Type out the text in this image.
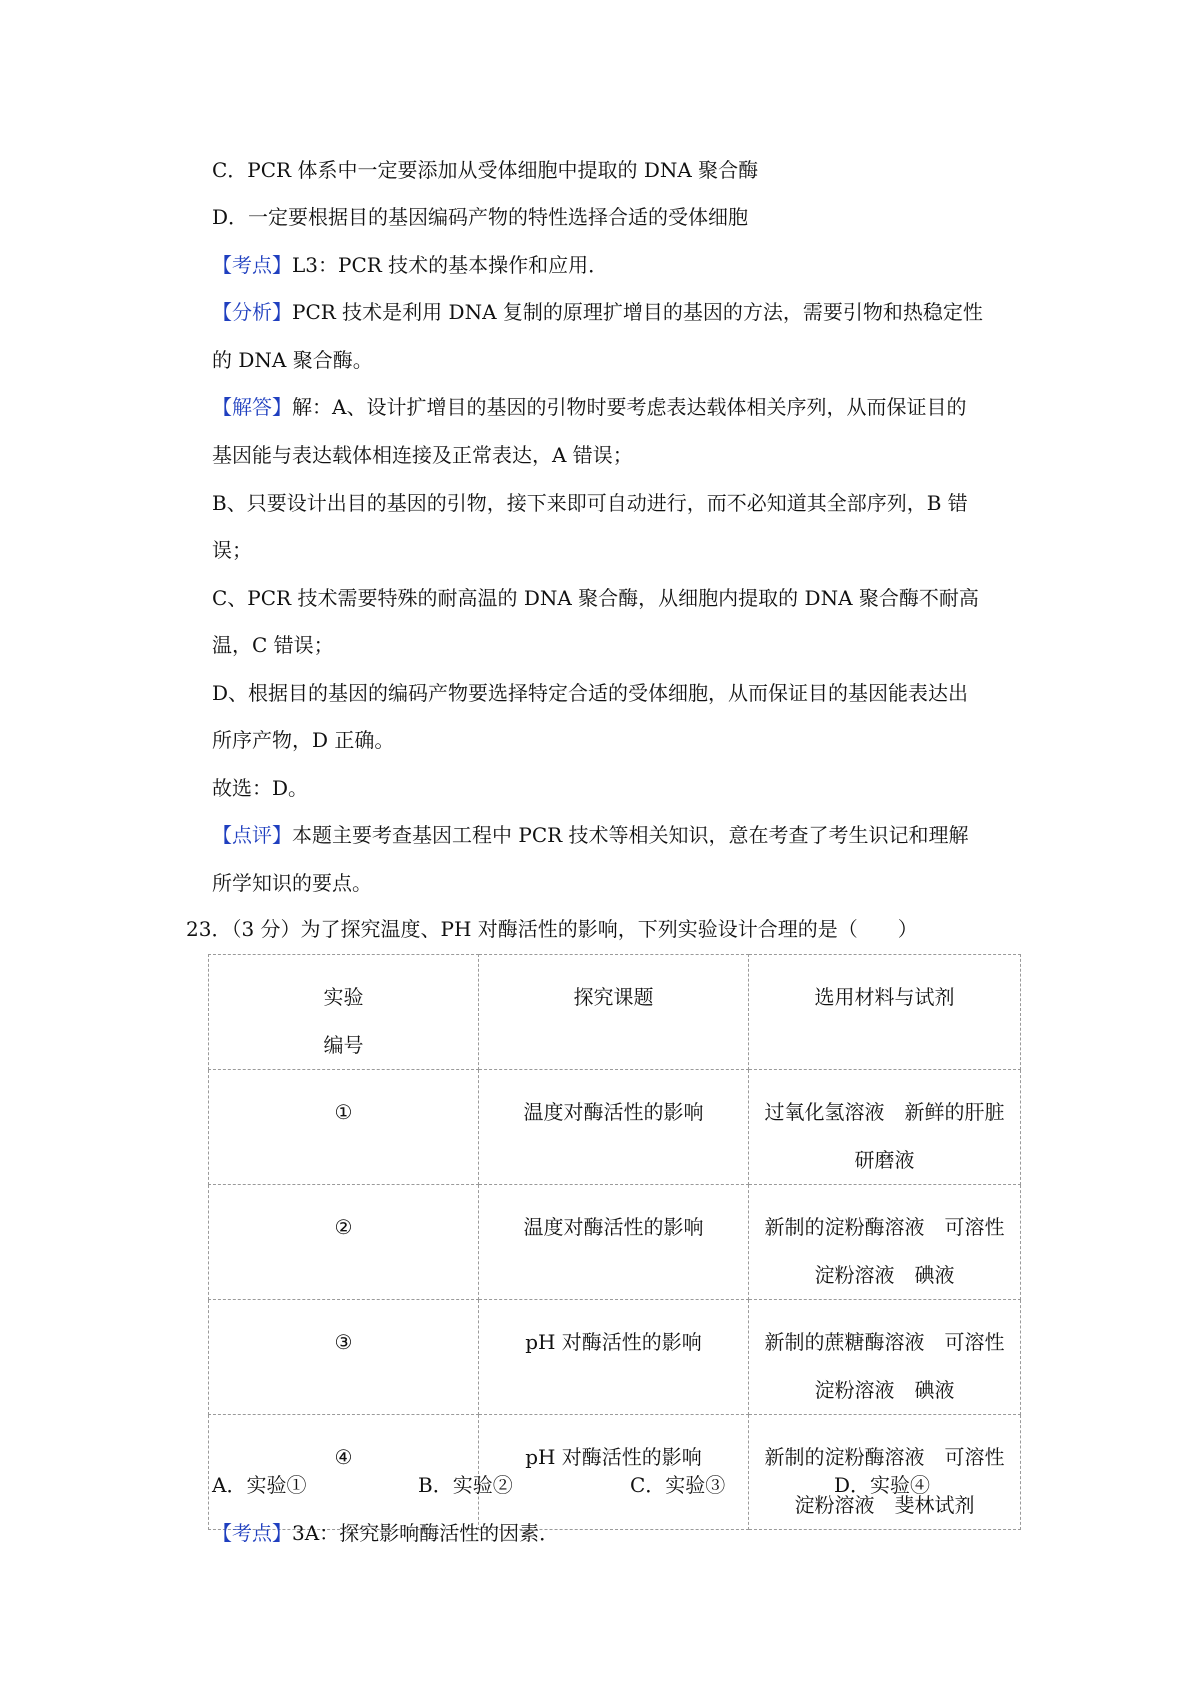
C．PCR 体系中一定要添加从受体细胞中提取的 DNA 聚合酶
D．一定要根据目的基因编码产物的特性选择合适的受体细胞
【考点】L3：PCR 技术的基本操作和应用．
【分析】PCR 技术是利用 DNA 复制的原理扩增目的基因的方法，需要引物和热稳定性
的 DNA 聚合酶。
【解答】解：A、设计扩增目的基因的引物时要考虑表达载体相关序列，从而保证目的
基因能与表达载体相连接及正常表达，A 错误；
B、只要设计出目的基因的引物，接下来即可自动进行，而不必知道其全部序列，B 错
误；
C、PCR 技术需要特殊的耐高温的 DNA 聚合酶，从细胞内提取的 DNA 聚合酶不耐高
温，C 错误；
D、根据目的基因的编码产物要选择特定合适的受体细胞，从而保证目的基因能表达出
所序产物，D 正确。
故选：D。
【点评】本题主要考查基因工程中 PCR 技术等相关知识，意在考查了考生识记和理解
所学知识的要点。
23．（3 分）为了探究温度、PH 对酶活性的影响，下列实验设计合理的是（　　）
实验
编号	探究课题	选用材料与试剂
①	温度对酶活性的影响	过氧化氢溶液　新鲜的肝脏研磨液
②	温度对酶活性的影响	新制的淀粉酶溶液　可溶性淀粉溶液　碘液
③	pH 对酶活性的影响	新制的蔗糖酶溶液　可溶性淀粉溶液　碘液
④	pH 对酶活性的影响	新制的淀粉酶溶液　可溶性淀粉溶液　斐林试剂
A．实验①	B．实验②	C．实验③	D．实验④
【考点】3A：探究影响酶活性的因素．
